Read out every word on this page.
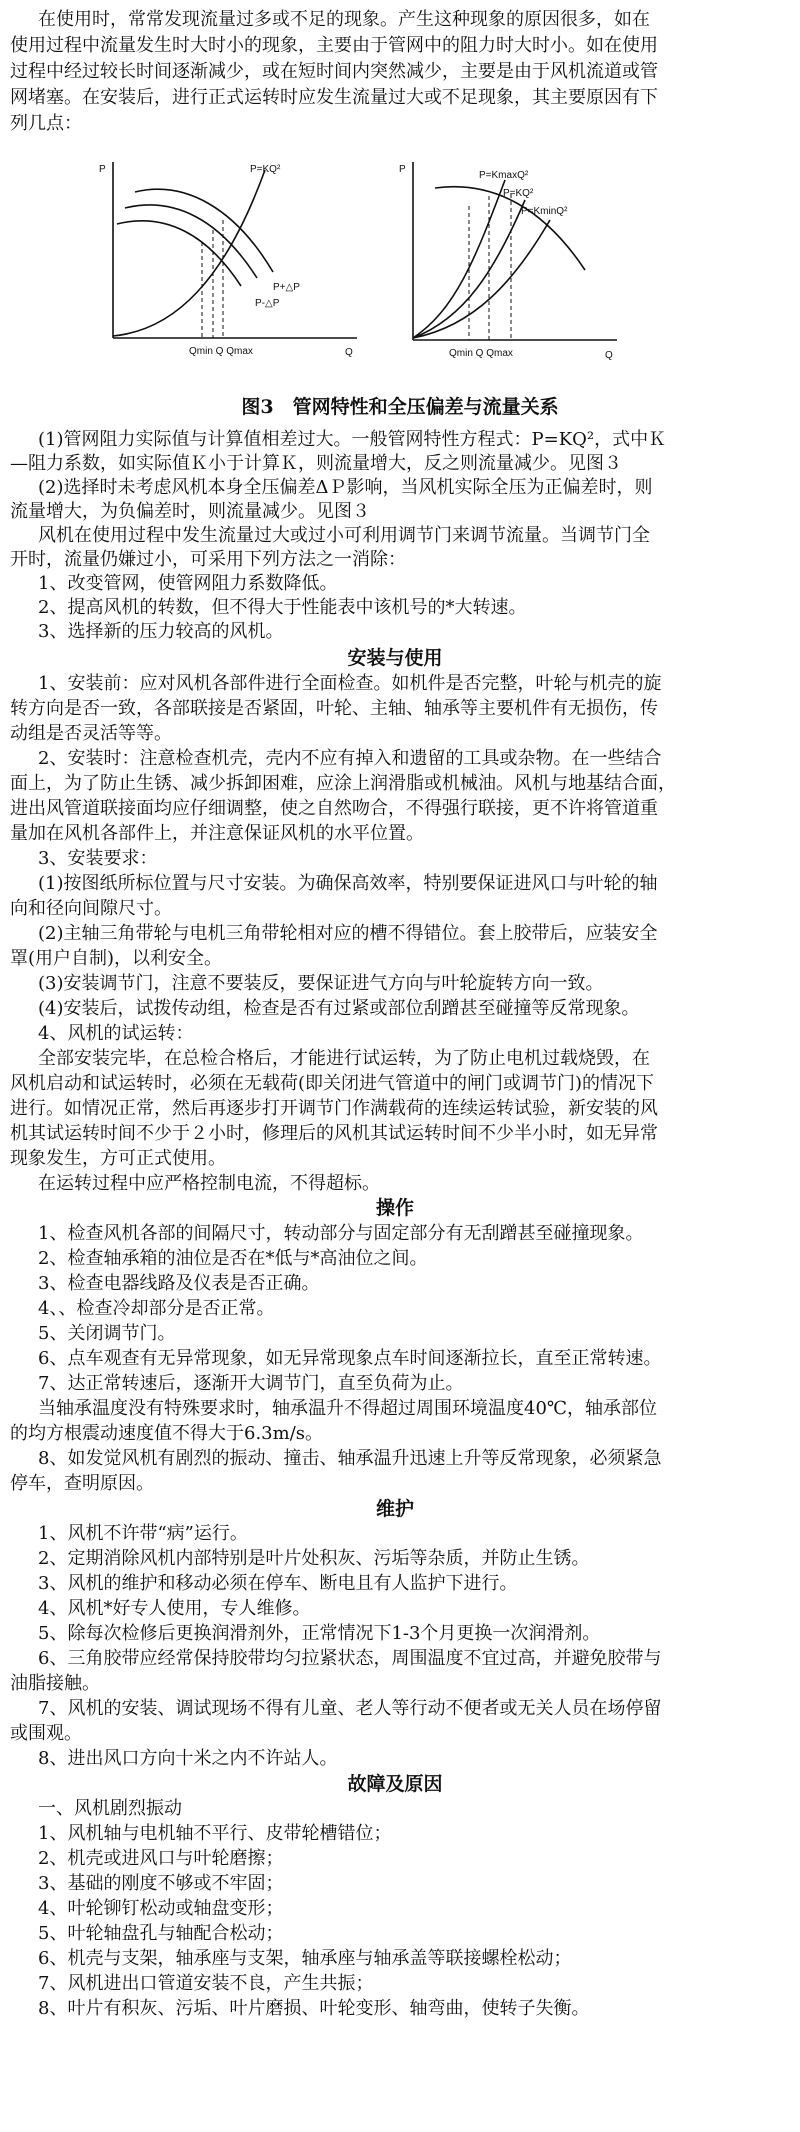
在使用时，常常发现流量过多或不足的现象。产生这种现象的原因很多，如在
使用过程中流量发生时大时小的现象，主要由于管网中的阻力时大时小。如在使用
过程中经过较长时间逐渐减少，或在短时间内突然减少，主要是由于风机流道或管
网堵塞。在安装后，进行正式运转时应发生流量过大或不足现象，其主要原因有下
列几点：
P
Q
P=KQ²
P+△P
P-△P
Qmin Q Qmax
P
Q
P=KmaxQ²
P=KQ²
P=KminQ²
Qmin Q Qmax
图3　管网特性和全压偏差与流量关系
(1)管网阻力实际值与计算值相差过大。一般管网特性方程式：P=KQ²，式中Ｋ
—阻力系数，如实际值Ｋ小于计算Ｋ，则流量增大，反之则流量减少。见图３
(2)选择时未考虑风机本身全压偏差ΔＰ影响，当风机实际全压为正偏差时，则
流量增大，为负偏差时，则流量减少。见图３
风机在使用过程中发生流量过大或过小可利用调节门来调节流量。当调节门全
开时，流量仍嫌过小，可采用下列方法之一消除：
1、改变管网，使管网阻力系数降低。
2、提高风机的转数，但不得大于性能表中该机号的*大转速。
3、选择新的压力较高的风机。
安装与使用
1、安装前：应对风机各部件进行全面检查。如机件是否完整，叶轮与机壳的旋
转方向是否一致，各部联接是否紧固，叶轮、主轴、轴承等主要机件有无损伤，传
动组是否灵活等等。
2、安装时：注意检查机壳，壳内不应有掉入和遗留的工具或杂物。在一些结合
面上，为了防止生锈、减少拆卸困难，应涂上润滑脂或机械油。风机与地基结合面，
进出风管道联接面均应仔细调整，使之自然吻合，不得强行联接，更不许将管道重
量加在风机各部件上，并注意保证风机的水平位置。
3、安装要求：
(1)按图纸所标位置与尺寸安装。为确保高效率，特别要保证进风口与叶轮的轴
向和径向间隙尺寸。
(2)主轴三角带轮与电机三角带轮相对应的槽不得错位。套上胶带后，应装安全
罩(用户自制)，以利安全。
(3)安装调节门，注意不要装反，要保证进气方向与叶轮旋转方向一致。
(4)安装后，试拨传动组，检查是否有过紧或部位刮蹭甚至碰撞等反常现象。
4、风机的试运转：
全部安装完毕，在总检合格后，才能进行试运转，为了防止电机过载烧毁，在
风机启动和试运转时，必须在无载荷(即关闭进气管道中的闸门或调节门)的情况下
进行。如情况正常，然后再逐步打开调节门作满载荷的连续运转试验，新安装的风
机其试运转时间不少于２小时，修理后的风机其试运转时间不少半小时，如无异常
现象发生，方可正式使用。
在运转过程中应严格控制电流，不得超标。
操作
1、检查风机各部的间隔尺寸，转动部分与固定部分有无刮蹭甚至碰撞现象。
2、检查轴承箱的油位是否在*低与*高油位之间。
3、检查电器线路及仪表是否正确。
4、、检查冷却部分是否正常。
5、关闭调节门。
6、点车观查有无异常现象，如无异常现象点车时间逐渐拉长，直至正常转速。
7、达正常转速后，逐渐开大调节门，直至负荷为止。
当轴承温度没有特殊要求时，轴承温升不得超过周围环境温度40℃，轴承部位
的均方根震动速度值不得大于6.3m/s。
8、如发觉风机有剧烈的振动、撞击、轴承温升迅速上升等反常现象，必须紧急
停车，查明原因。
维护
1、风机不许带“病”运行。
2、定期消除风机内部特别是叶片处积灰、污垢等杂质，并防止生锈。
3、风机的维护和移动必须在停车、断电且有人监护下进行。
4、风机*好专人使用，专人维修。
5、除每次检修后更换润滑剂外，正常情况下1-3个月更换一次润滑剂。
6、三角胶带应经常保持胶带均匀拉紧状态，周围温度不宜过高，并避免胶带与
油脂接触。
7、风机的安装、调试现场不得有儿童、老人等行动不便者或无关人员在场停留
或围观。
8、进出风口方向十米之内不许站人。
故障及原因
一、风机剧烈振动
1、风机轴与电机轴不平行、皮带轮槽错位；
2、机壳或进风口与叶轮磨擦；
3、基础的刚度不够或不牢固；
4、叶轮铆钉松动或轴盘变形；
5、叶轮轴盘孔与轴配合松动；
6、机壳与支架，轴承座与支架，轴承座与轴承盖等联接螺栓松动；
7、风机进出口管道安装不良，产生共振；
8、叶片有积灰、污垢、叶片磨损、叶轮变形、轴弯曲，使转子失衡。
